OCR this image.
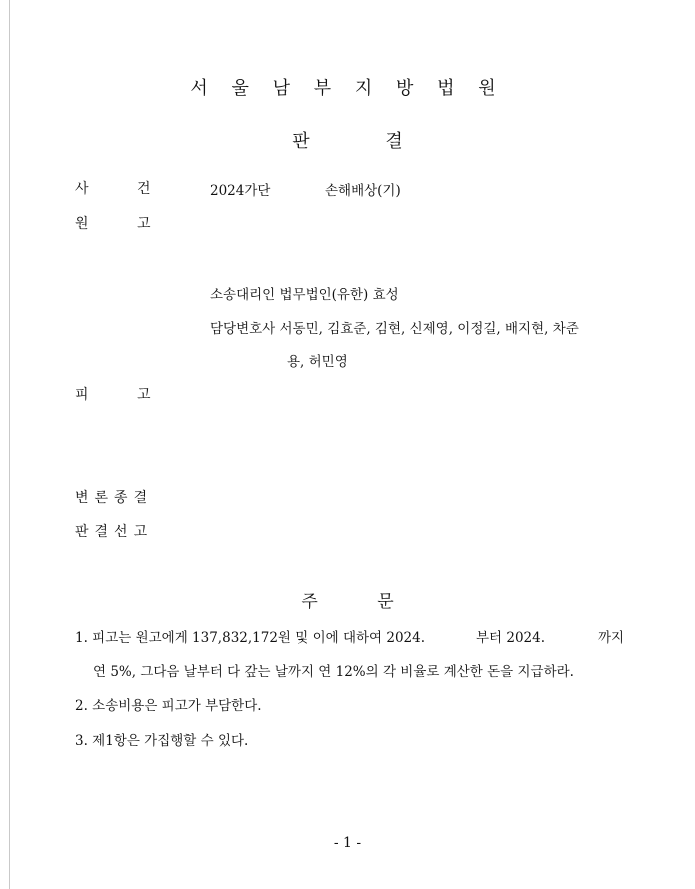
서 울 남 부 지 방 법 원
판 결
사 건	2024가단	손해배상(기)
원 고
소송대리인 법무법인(유한) 효성
담당변호사 서동민, 김효준, 김현, 신제영, 이정길, 배지현, 차준
용, 허민영
피 고
변론종결
판결선고
주 문
1. 피고는 원고에게 137,832,172원 및 이에 대하여 2024.	부터 2024.	까지
연 5%, 그다음 날부터 다 갚는 날까지 연 12%의 각 비율로 계산한 돈을 지급하라.
2. 소송비용은 피고가 부담한다.
3. 제1항은 가집행할 수 있다.
- 1 -
